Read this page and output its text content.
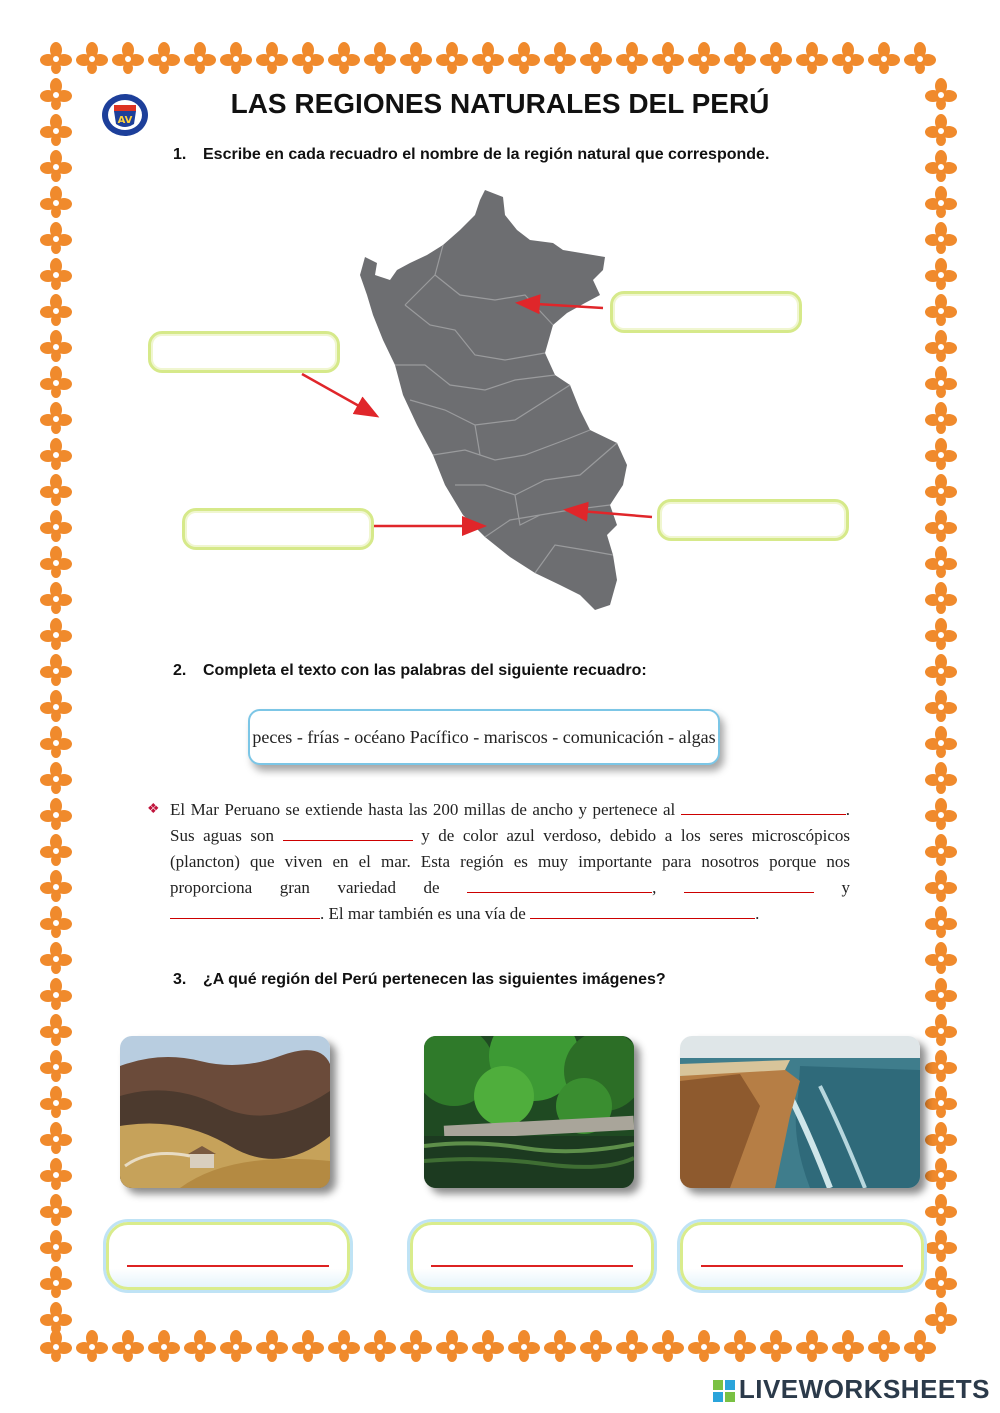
AV
LAS REGIONES NATURALES DEL PERÚ
1. Escribe en cada recuadro el nombre de la región natural que corresponde.
2. Completa el texto con las palabras del siguiente recuadro:
peces - frías - océano Pacífico - mariscos - comunicación - algas
❖ El Mar Peruano se extiende hasta las 200 millas de ancho y pertenece al	. Sus aguas son	y de color azul verdoso, debido a los seres microscópicos (plancton) que viven en el mar. Esta región es muy importante para nosotros porque nos proporciona gran variedad de	,	y . El mar también es una vía de	.
3. ¿A qué región del Perú pertenecen las siguientes imágenes?
LIVEWORKSHEETS
